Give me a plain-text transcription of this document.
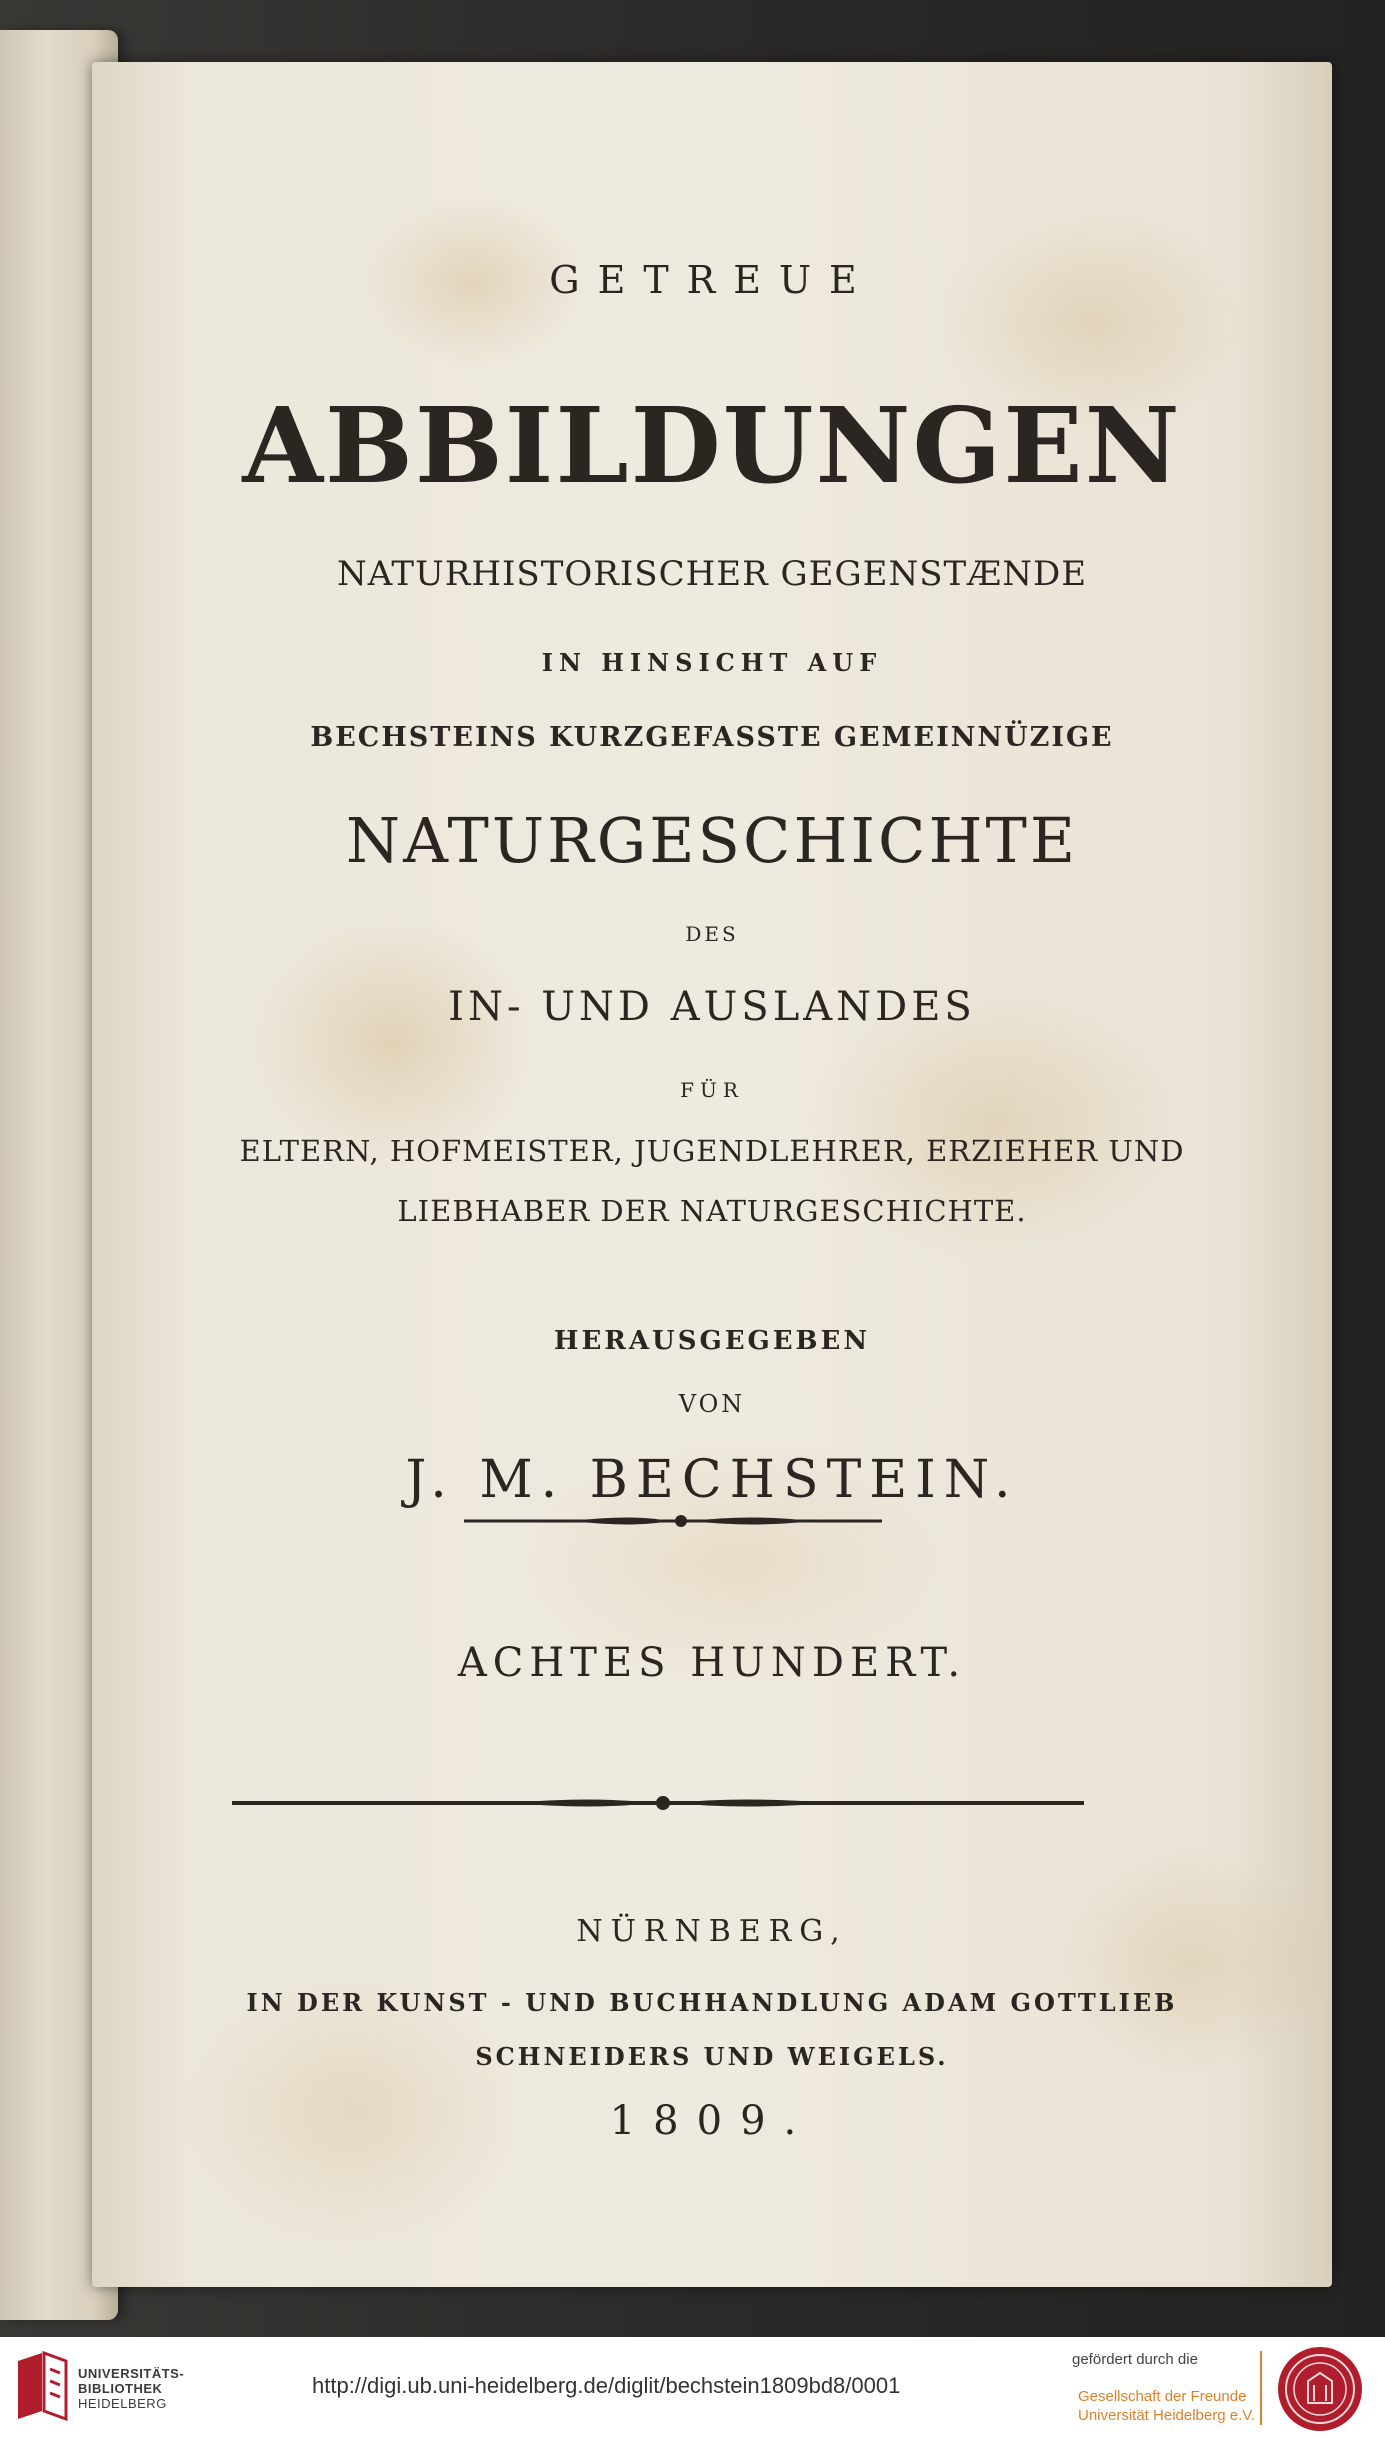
GETREUE
ABBILDUNGEN
NATURHISTORISCHER GEGENSTÆNDE
IN HINSICHT AUF
BECHSTEINS KURZGEFASSTE GEMEINNÜZIGE
NATURGESCHICHTE
DES
IN- UND AUSLANDES
FÜR
ELTERN, HOFMEISTER, JUGENDLEHRER, ERZIEHER UND
LIEBHABER DER NATURGESCHICHTE.
HERAUSGEGEBEN
VON
J. M. BECHSTEIN.
ACHTES HUNDERT.
NÜRNBERG,
IN DER KUNST - UND BUCHHANDLUNG ADAM GOTTLIEB
SCHNEIDERS UND WEIGELS.
1809.
UNIVERSITÄTS-
BIBLIOTHEK
HEIDELBERG
http://digi.ub.uni-heidelberg.de/diglit/bechstein1809bd8/0001
gefördert durch die
Gesellschaft der Freunde
Universität Heidelberg e.V.
